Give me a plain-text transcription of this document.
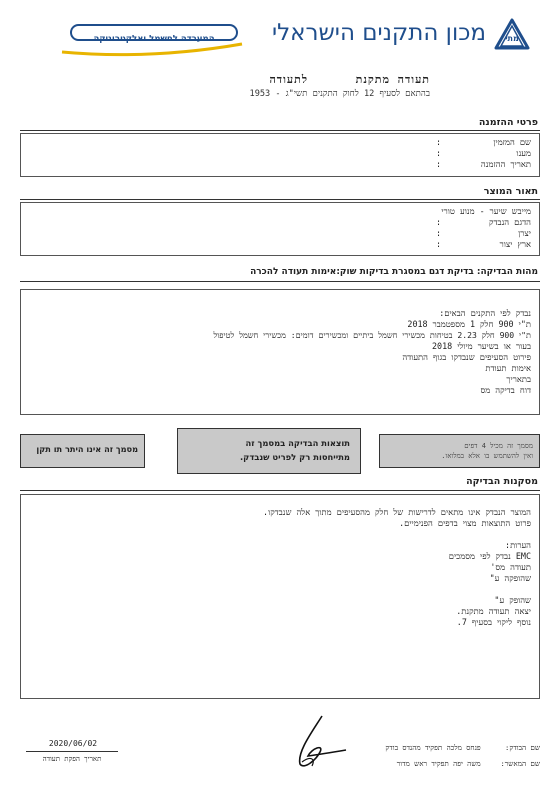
מתי
מכון התקנים הישראלי
המעבדה לחשמל ואלקטרוניקה
תעודה מתקנת לתעודה
בהתאם לסעיף 12 לחוק התקנים תשי"ג - 1953
פרטי ההזמנה
שם המזמין:
מענו:
תאריך ההזמנה:
תאור המוצר
מייבש שיער - מנוע טורי
הדגם הנבדק:
יצרן:
ארץ יצור:
מהות הבדיקה: בדיקת דגם במסגרת בדיקות שוק:אימות תעודה להכרה
נבדק לפי התקנים הבאים:
ת"י 900 חלק 1 מספטמבר 2018
ת"י 900 חלק 2.23 בטיחות מכשירי חשמל ביתיים ומכשירים דומים: מכשירי חשמל לטיפול
בעור או בשיער מיולי 2018
פירוט הסעיפים שנבדקו בגוף התעודה
אימות תעודת
בתאריך
דוח בדיקה מס
מסמך זה אינו היתר תו תקן
תוצאות הבדיקה במסמך זה
מתייחסות רק לפריט שנבדק.
מסמך זה מכיל 4 דפים
ואין להשתמש בו אלא במלואו.
מסקנות הבדיקה
המוצר הנבדק אינו מתאים לדרישות של חלק מהסעיפים מתוך אלה שנבדקו.
פרוט התוצאות מצוי בדפים הפנימיים.
הערות:
EMC נבדק לפי מסמכים
תעודה מס'
שהופקה ע"
שהופק ע"
יצאה תעודה מתקנת.
נוסף ליקוי בסעיף 7.
שם הבודק: פנחס מלכה תפקיד מהנדס בודק
שם המאשר: משה יפה תפקיד ראש מדור
2020/06/02
תאריך הפקת תעודה
